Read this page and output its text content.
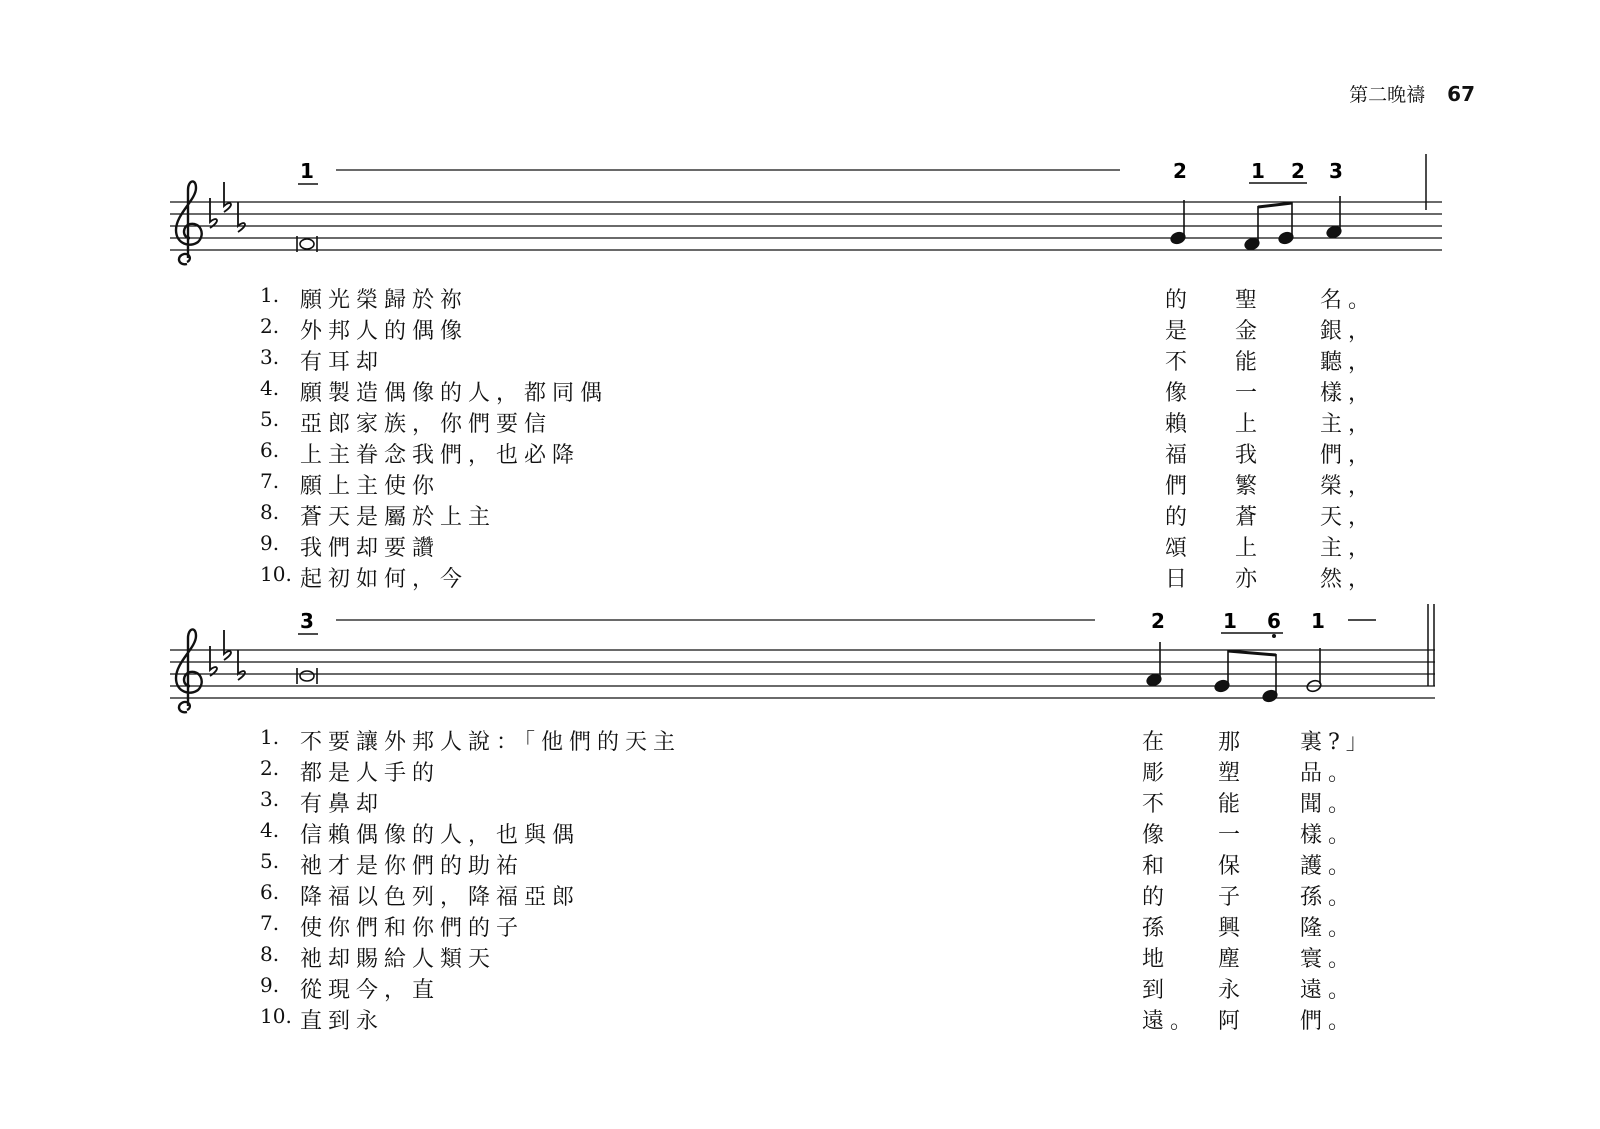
第二晚禱 67
1	2	1 2 3
1. 願光榮歸於祢	的 聖	名。
2. 外邦人的偶像	是 金	銀，
3. 有耳却	不 能	聽，
4. 願製造偶像的人，都同偶	像 一	樣，
5. 亞郎家族，你們要信	賴 上	主，
6. 上主眷念我們，也必降	福 我	們，
7. 願上主使你	們 繁	榮，
8. 蒼天是屬於上主	的 蒼	天，
9. 我們却要讚	頌 上	主，
10. 起初如何，今	日 亦	然，
3	2	1 6 1
1. 不要讓外邦人說：「他們的天主	在 那 裏?」
2. 都是人手的	彫 塑 品。
3. 有鼻却	不 能 聞。
4. 信賴偶像的人，也與偶	像 一 樣。
5. 祂才是你們的助祐	和 保 護。
6. 降福以色列，降福亞郎	的 子 孫。
7. 使你們和你們的子	孫 興 隆。
8. 祂却賜給人類天	地 塵 寰。
9. 從現今，直	到 永 遠。
10. 直到永	遠。 阿 們。
